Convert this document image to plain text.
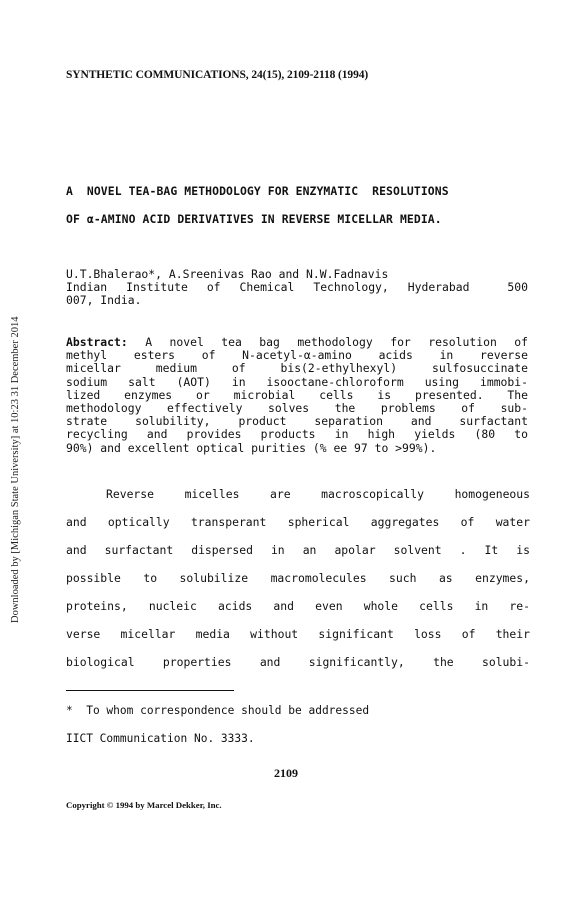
SYNTHETIC COMMUNICATIONS, 24(15), 2109-2118 (1994)
A  NOVEL TEA-BAG METHODOLOGY FOR ENZYMATIC  RESOLUTIONS
OF α-AMINO ACID DERIVATIVES IN REVERSE MICELLAR MEDIA.
U.T.Bhalerao*, A.Sreenivas Rao and N.W.Fadnavis
Indian Institute of Chemical Technology, Hyderabad  500
007, India.
Abstract: A novel tea bag methodology for resolution of
methyl esters of N-acetyl-α-amino acids in reverse
micellar medium of bis(2-ethylhexyl) sulfosuccinate
sodium salt (AOT) in isooctane-chloroform using immobi-
lized enzymes or microbial cells is presented. The
methodology effectively solves the problems of sub-
strate solubility, product separation and surfactant
recycling and provides products in high yields (80 to
90%) and excellent optical purities (% ee 97 to >99%).
Reverse micelles are macroscopically homogeneous
and optically transperant spherical aggregates of water
and surfactant dispersed in an apolar solvent . It is
possible to solubilize macromolecules such as enzymes,
proteins, nucleic acids and even whole cells in re-
verse micellar media without significant loss of their
biological properties and significantly, the solubi-
*  To whom correspondence should be addressed
IICT Communication No. 3333.
2109
Copyright © 1994 by Marcel Dekker, Inc.
Downloaded by [Michigan State University] at 10:23 31 December 2014
